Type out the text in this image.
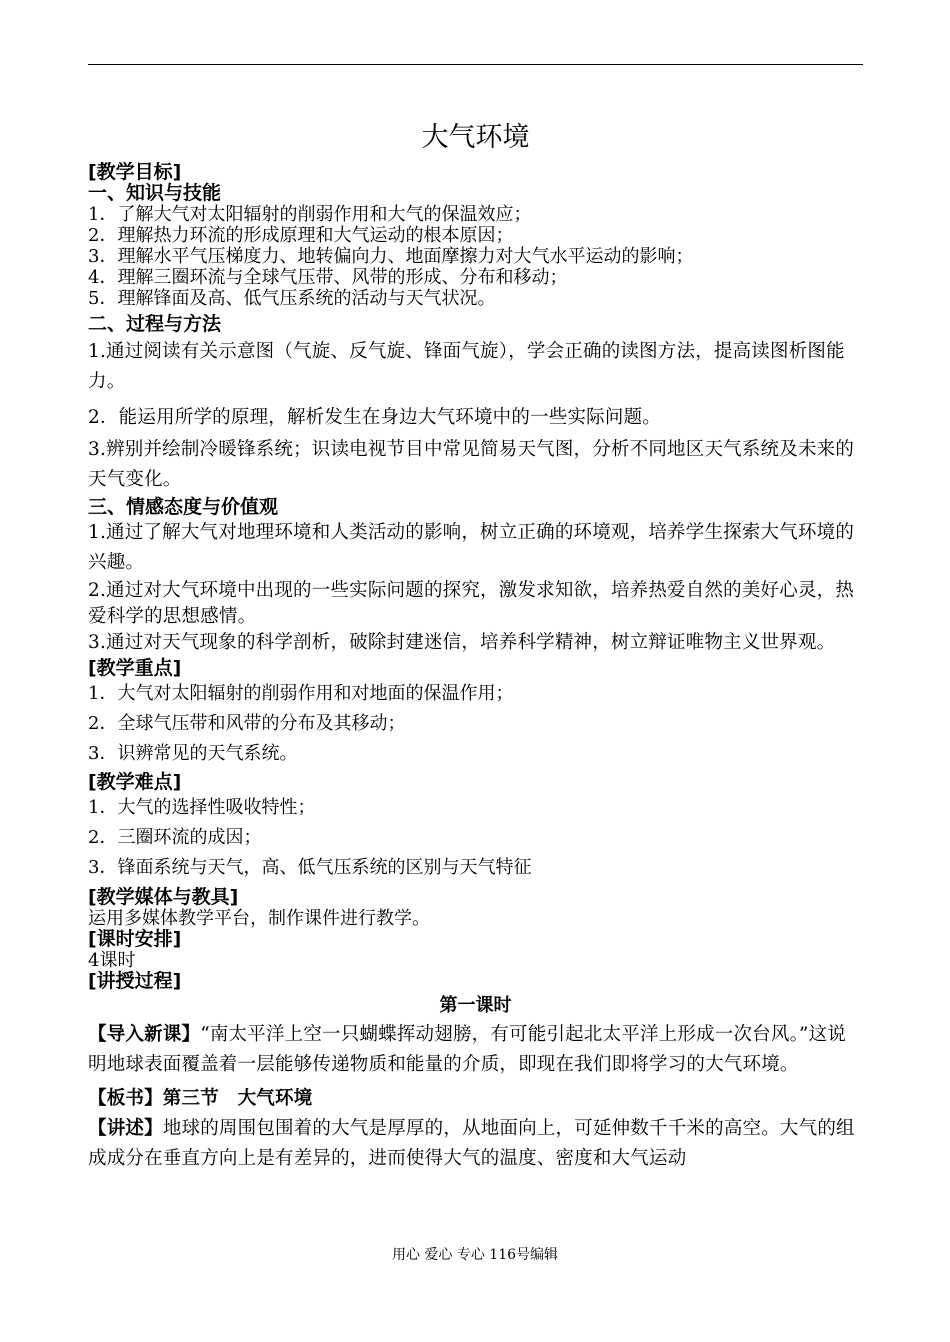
大气环境
[教学目标]
一、知识与技能
1．了解大气对太阳辐射的削弱作用和大气的保温效应；
2．理解热力环流的形成原理和大气运动的根本原因；
3．理解水平气压梯度力、地转偏向力、地面摩擦力对大气水平运动的影响；
4．理解三圈环流与全球气压带、风带的形成、分布和移动；
5．理解锋面及高、低气压系统的活动与天气状况。
二、过程与方法
1.通过阅读有关示意图（气旋、反气旋、锋面气旋），学会正确的读图方法，提高读图析图能力。
2．能运用所学的原理，解析发生在身边大气环境中的一些实际问题。
3.辨别并绘制冷暖锋系统；识读电视节目中常见简易天气图，分析不同地区天气系统及未来的天气变化。
三、情感态度与价值观
1.通过了解大气对地理环境和人类活动的影响，树立正确的环境观，培养学生探索大气环境的兴趣。
2.通过对大气环境中出现的一些实际问题的探究，激发求知欲，培养热爱自然的美好心灵，热爱科学的思想感情。
3.通过对天气现象的科学剖析，破除封建迷信，培养科学精神，树立辩证唯物主义世界观。
[教学重点]
1．大气对太阳辐射的削弱作用和对地面的保温作用；
2．全球气压带和风带的分布及其移动；
3．识辨常见的天气系统。
[教学难点]
1．大气的选择性吸收特性；
2．三圈环流的成因；
3．锋面系统与天气，高、低气压系统的区别与天气特征
[教学媒体与教具]
运用多媒体教学平台，制作课件进行教学。
[课时安排]
4课时
[讲授过程]
第一课时
【导入新课】“南太平洋上空一只蝴蝶挥动翅膀，有可能引起北太平洋上形成一次台风。”这说明地球表面覆盖着一层能够传递物质和能量的介质，即现在我们即将学习的大气环境。
【板书】第三节　大气环境
【讲述】地球的周围包围着的大气是厚厚的，从地面向上，可延伸数千千米的高空。大气的组成成分在垂直方向上是有差异的，进而使得大气的温度、密度和大气运动
用心 爱心 专心 116号编辑
